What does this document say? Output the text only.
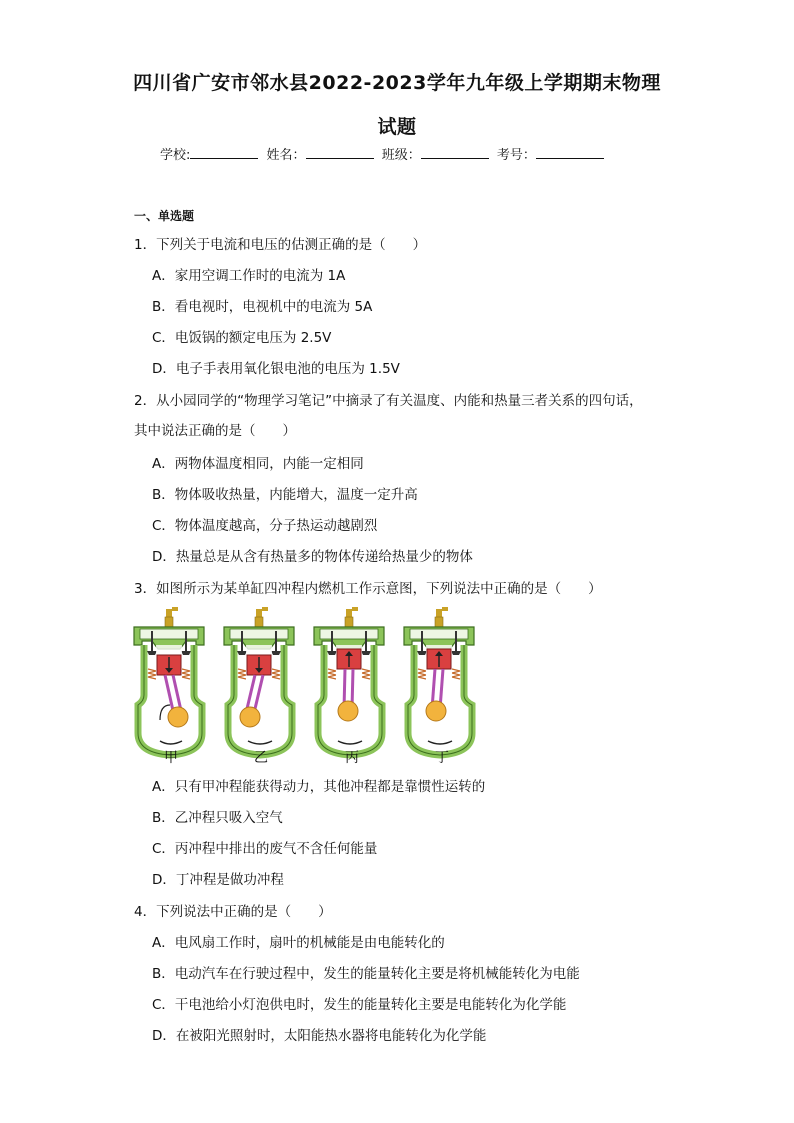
四川省广安市邻水县2022-2023学年九年级上学期期末物理
试题
学校:	姓名：	班级：	考号：
一、单选题
1．下列关于电流和电压的估测正确的是（　　）
A．家用空调工作时的电流为 1A
B．看电视时，电视机中的电流为 5A
C．电饭锅的额定电压为 2.5V
D．电子手表用氧化银电池的电压为 1.5V
2．从小园同学的“物理学习笔记”中摘录了有关温度、内能和热量三者关系的四句话，
其中说法正确的是（　　）
A．两物体温度相同，内能一定相同
B．物体吸收热量，内能增大，温度一定升高
C．物体温度越高，分子热运动越剧烈
D．热量总是从含有热量多的物体传递给热量少的物体
3．如图所示为某单缸四冲程内燃机工作示意图，下列说法中正确的是（　　）
甲	乙	丙	丁
A．只有甲冲程能获得动力，其他冲程都是靠惯性运转的
B．乙冲程只吸入空气
C．丙冲程中排出的废气不含任何能量
D．丁冲程是做功冲程
4．下列说法中正确的是（　　）
A．电风扇工作时，扇叶的机械能是由电能转化的
B．电动汽车在行驶过程中，发生的能量转化主要是将机械能转化为电能
C．干电池给小灯泡供电时，发生的能量转化主要是电能转化为化学能
D．在被阳光照射时，太阳能热水器将电能转化为化学能
